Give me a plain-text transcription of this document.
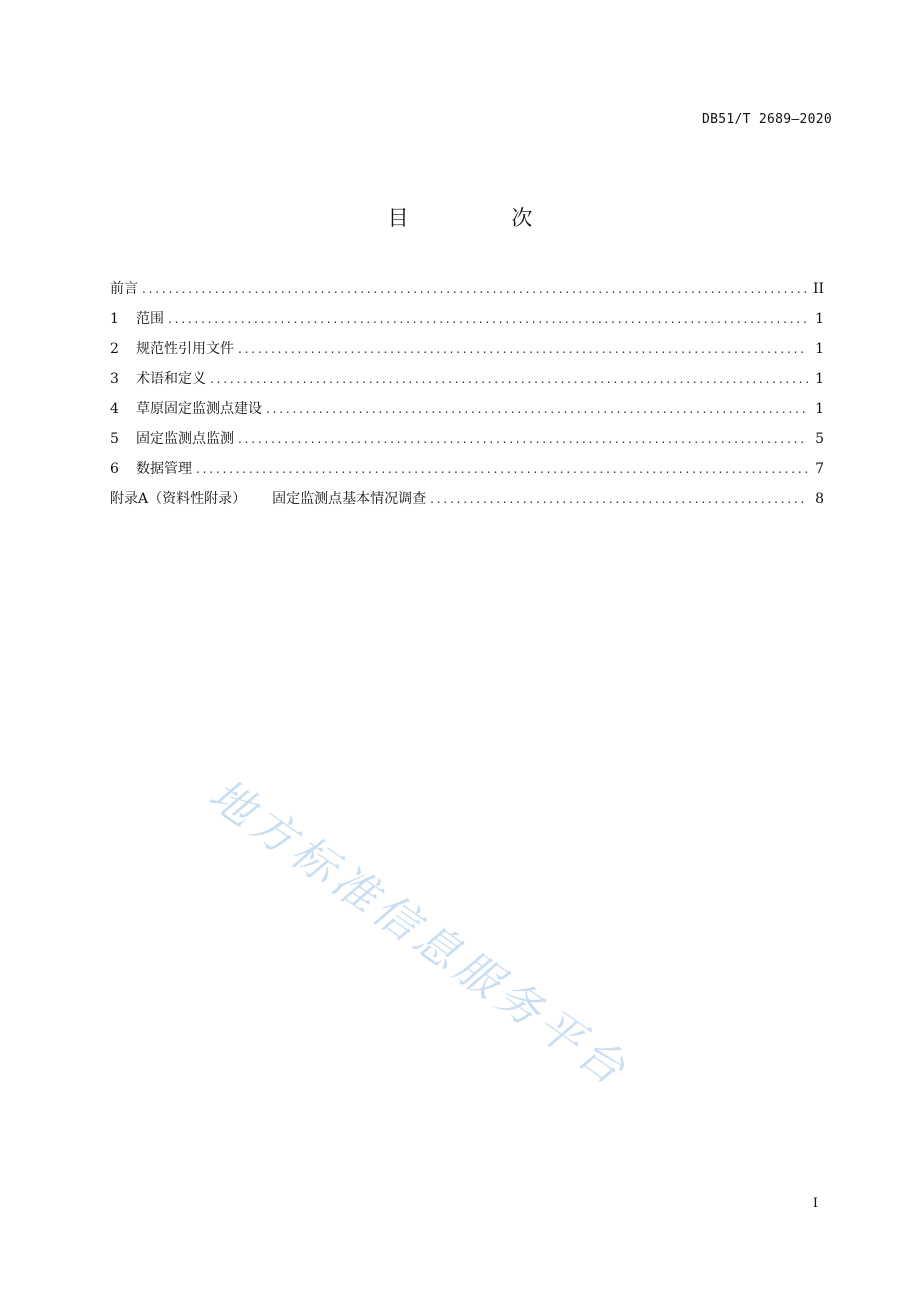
DB51/T 2689—2020
目 次
前言 .....	II
1	范围 .....	1
2	规范性引用文件 .....	1
3	术语和定义 .....	1
4	草原固定监测点建设 .....	1
5	固定监测点监测 .....	5
6	数据管理 .....	7
附录A（资料性附录） 固定监测点基本情况调查 .....	8
地方标准信息服务平台
I
